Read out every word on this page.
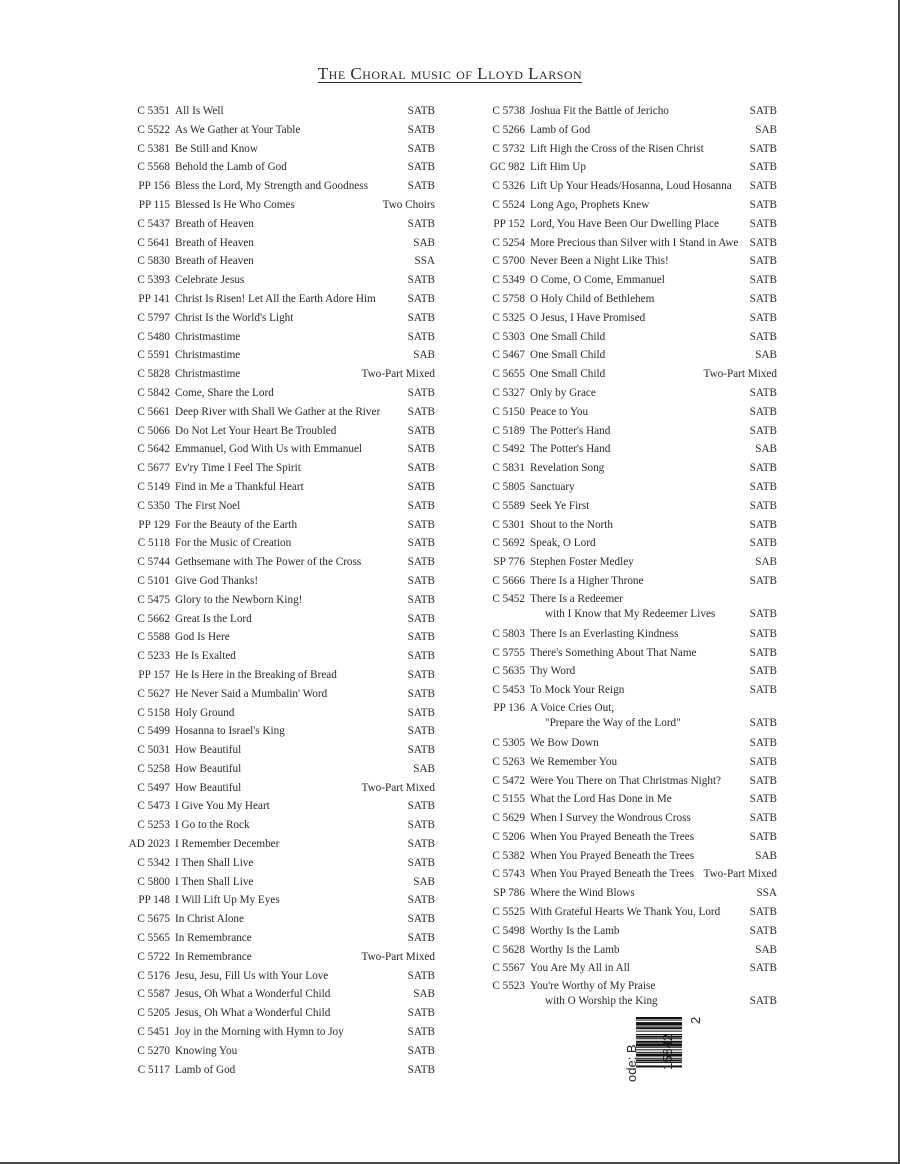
The Choral music of Lloyd Larson
C 5351 All Is Well	SATB
C 5522 As We Gather at Your Table	SATB
C 5381 Be Still and Know	SATB
C 5568 Behold the Lamb of God	SATB
PP 156 Bless the Lord, My Strength and Goodness	SATB
PP 115 Blessed Is He Who Comes	Two Choirs
C 5437 Breath of Heaven	SATB
C 5641 Breath of Heaven	SAB
C 5830 Breath of Heaven	SSA
C 5393 Celebrate Jesus	SATB
PP 141 Christ Is Risen! Let All the Earth Adore Him	SATB
C 5797 Christ Is the World's Light	SATB
C 5480 Christmastime	SATB
C 5591 Christmastime	SAB
C 5828 Christmastime	Two-Part Mixed
C 5842 Come, Share the Lord	SATB
C 5661 Deep River with Shall We Gather at the River SATB
C 5066 Do Not Let Your Heart Be Troubled	SATB
C 5642 Emmanuel, God With Us with Emmanuel	SATB
C 5677 Ev'ry Time I Feel The Spirit	SATB
C 5149 Find in Me a Thankful Heart	SATB
C 5350 The First Noel	SATB
PP 129 For the Beauty of the Earth	SATB
C 5118 For the Music of Creation	SATB
C 5744 Gethsemane with The Power of the Cross	SATB
C 5101 Give God Thanks!	SATB
C 5475 Glory to the Newborn King!	SATB
C 5662 Great Is the Lord	SATB
C 5588 God Is Here	SATB
C 5233 He Is Exalted	SATB
PP 157 He Is Here in the Breaking of Bread	SATB
C 5627 He Never Said a Mumbalin' Word	SATB
C 5158 Holy Ground	SATB
C 5499 Hosanna to Israel's King	SATB
C 5031 How Beautiful	SATB
C 5258 How Beautiful	SAB
C 5497 How Beautiful	Two-Part Mixed
C 5473 I Give You My Heart	SATB
C 5253 I Go to the Rock	SATB
AD 2023 I Remember December	SATB
C 5342 I Then Shall Live	SATB
C 5800 I Then Shall Live	SAB
PP 148 I Will Lift Up My Eyes	SATB
C 5675 In Christ Alone	SATB
C 5565 In Remembrance	SATB
C 5722 In Remembrance	Two-Part Mixed
C 5176 Jesu, Jesu, Fill Us with Your Love	SATB
C 5587 Jesus, Oh What a Wonderful Child	SAB
C 5205 Jesus, Oh What a Wonderful Child	SATB
C 5451 Joy in the Morning with Hymn to Joy	SATB
C 5270 Knowing You	SATB
C 5117 Lamb of God	SATB
C 5738 Joshua Fit the Battle of Jericho	SATB
C 5266 Lamb of God	SAB
C 5732 Lift High the Cross of the Risen Christ	SATB
GC 982 Lift Him Up	SATB
C 5326 Lift Up Your Heads/Hosanna, Loud Hosanna SATB
C 5524 Long Ago, Prophets Knew	SATB
PP 152 Lord, You Have Been Our Dwelling Place	SATB
C 5254 More Precious than Silver with I Stand in Awe SATB
C 5700 Never Been a Night Like This!	SATB
C 5349 O Come, O Come, Emmanuel	SATB
C 5758 O Holy Child of Bethlehem	SATB
C 5325 O Jesus, I Have Promised	SATB
C 5303 One Small Child	SATB
C 5467 One Small Child	SAB
C 5655 One Small Child	Two-Part Mixed
C 5327 Only by Grace	SATB
C 5150 Peace to You	SATB
C 5189 The Potter's Hand	SATB
C 5492 The Potter's Hand	SAB
C 5831 Revelation Song	SATB
C 5805 Sanctuary	SATB
C 5589 Seek Ye First	SATB
C 5301 Shout to the North	SATB
C 5692 Speak, O Lord	SATB
SP 776 Stephen Foster Medley	SAB
C 5666 There Is a Higher Throne	SATB
C 5452 There Is a Redeemer
with I Know that My Redeemer Lives	SATB
C 5803 There Is an Everlasting Kindness	SATB
C 5755 There's Something About That Name	SATB
C 5635 Thy Word	SATB
C 5453 To Mock Your Reign	SATB
PP 136 A Voice Cries Out,
"Prepare the Way of the Lord"	SATB
C 5305 We Bow Down	SATB
C 5263 We Remember You	SATB
C 5472 Were You There on That Christmas Night?	SATB
C 5155 What the Lord Has Done in Me	SATB
C 5629 When I Survey the Wondrous Cross	SATB
C 5206 When You Prayed Beneath the Trees	SATB
C 5382 When You Prayed Beneath the Trees	SAB
C 5743 When You Prayed Beneath the Trees Two-Part Mixed
SP 786 Where the Wind Blows	SSA
C 5525 With Grateful Hearts We Thank You, Lord	SATB
C 5498 Worthy Is the Lamb	SATB
C 5628 Worthy Is the Lamb	SAB
C 5567 You Are My All in All	SATB
C 5523 You're Worthy of My Praise
with O Worship the King	SATB
ode: B 15842
2
